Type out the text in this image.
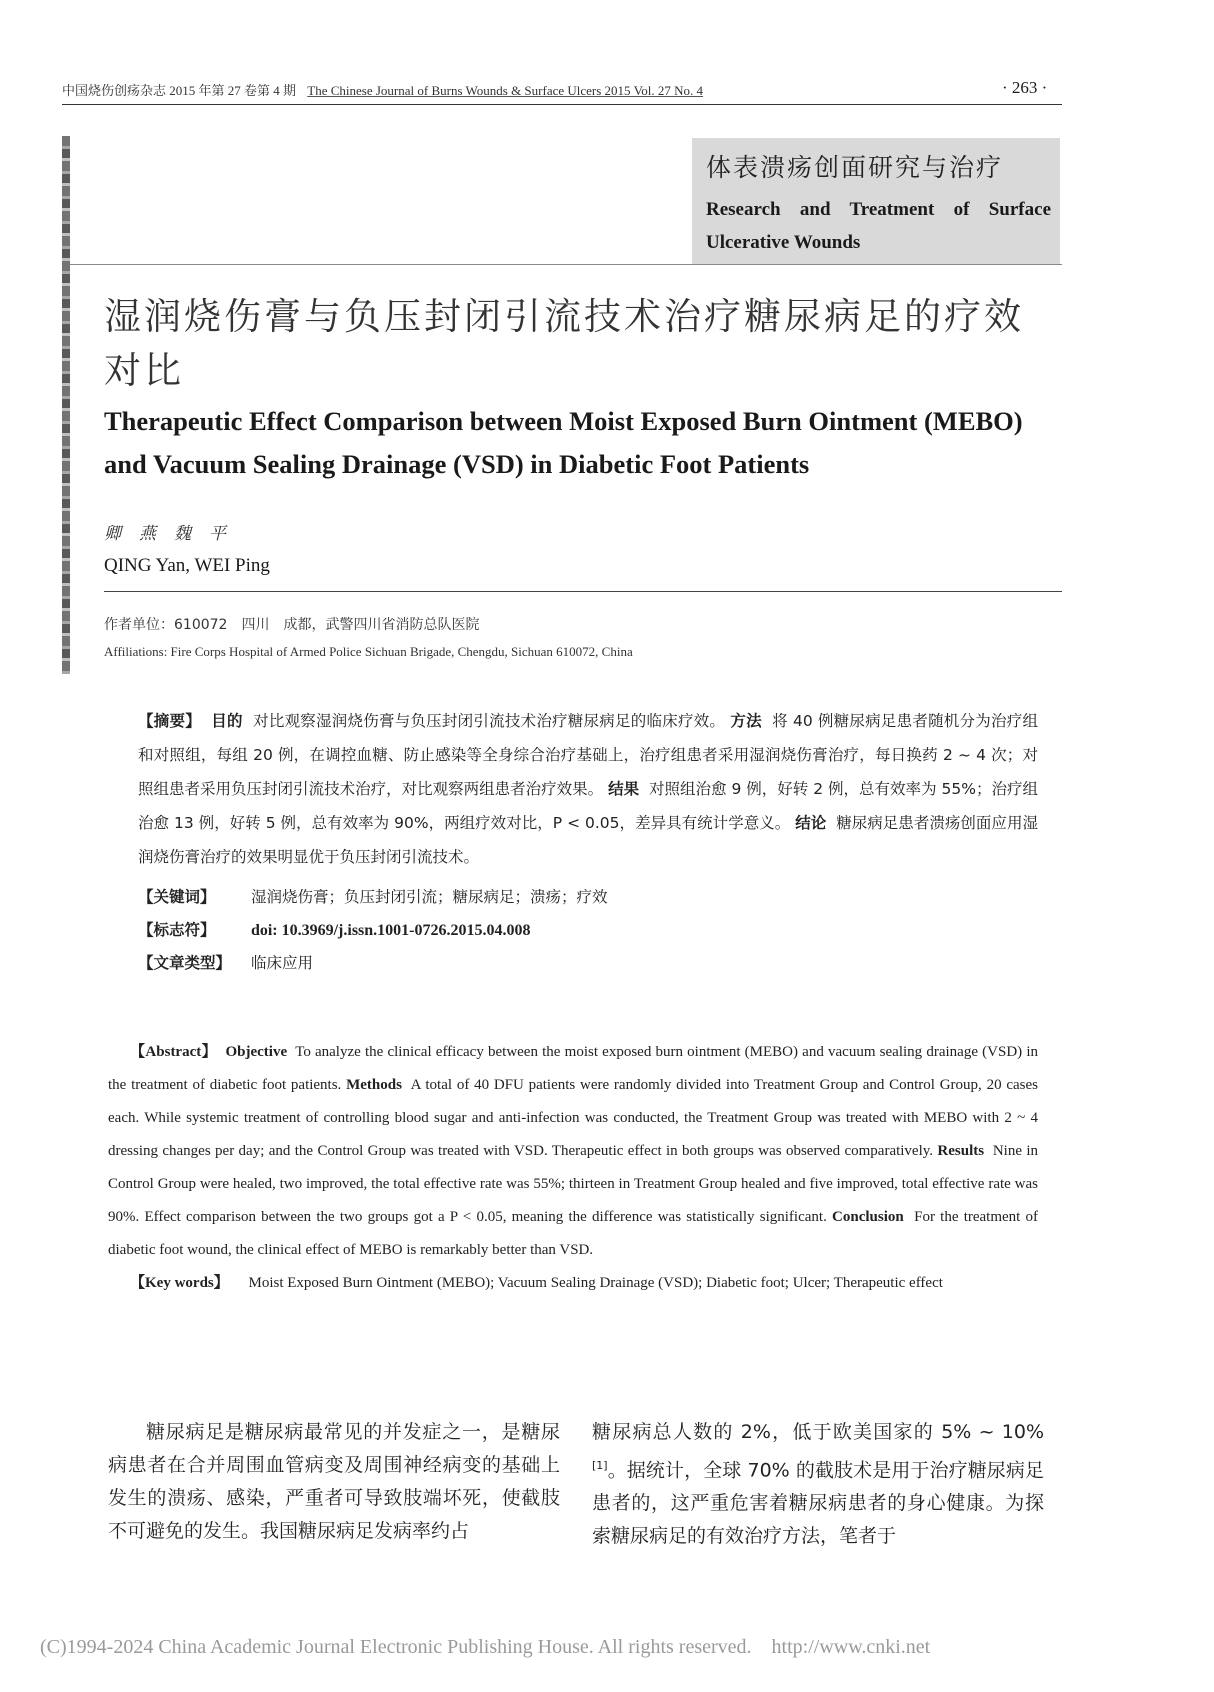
中国烧伤创疡杂志 2015 年第 27 卷第 4 期 The Chinese Journal of Burns Wounds & Surface Ulcers 2015 Vol. 27 No. 4	· 263 ·
体表溃疡创面研究与治疗
Research and Treatment of Surface Ulcerative Wounds
湿润烧伤膏与负压封闭引流技术治疗糖尿病足的疗效对比
Therapeutic Effect Comparison between Moist Exposed Burn Ointment (MEBO) and Vacuum Sealing Drainage (VSD) in Diabetic Foot Patients
卿燕魏平
QING Yan, WEI Ping
作者单位：610072　四川　成都，武警四川省消防总队医院
Affiliations: Fire Corps Hospital of Armed Police Sichuan Brigade, Chengdu, Sichuan 610072, China
【摘要】 目的 对比观察湿润烧伤膏与负压封闭引流技术治疗糖尿病足的临床疗效。 方法 将 40 例糖尿病足患者随机分为治疗组和对照组，每组 20 例，在调控血糖、防止感染等全身综合治疗基础上，治疗组患者采用湿润烧伤膏治疗，每日换药 2 ~ 4 次；对照组患者采用负压封闭引流技术治疗，对比观察两组患者治疗效果。 结果 对照组治愈 9 例，好转 2 例，总有效率为 55%；治疗组治愈 13 例，好转 5 例，总有效率为 90%，两组疗效对比，P < 0.05，差异具有统计学意义。 结论 糖尿病足患者溃疡创面应用湿润烧伤膏治疗的效果明显优于负压封闭引流技术。
【关键词】 湿润烧伤膏；负压封闭引流；糖尿病足；溃疡；疗效
【标志符】 doi: 10.3969/j.issn.1001-0726.2015.04.008
【文章类型】 临床应用
【Abstract】 Objective To analyze the clinical efficacy between the moist exposed burn ointment (MEBO) and vacuum sealing drainage (VSD) in the treatment of diabetic foot patients. Methods A total of 40 DFU patients were randomly divided into Treatment Group and Control Group, 20 cases each. While systemic treatment of controlling blood sugar and anti-infection was conducted, the Treatment Group was treated with MEBO with 2 ~ 4 dressing changes per day; and the Control Group was treated with VSD. Therapeutic effect in both groups was observed comparatively. Results Nine in Control Group were healed, two improved, the total effective rate was 55%; thirteen in Treatment Group healed and five improved, total effective rate was 90%. Effect comparison between the two groups got a P < 0.05, meaning the difference was statistically significant. Conclusion For the treatment of diabetic foot wound, the clinical effect of MEBO is remarkably better than VSD.
【Key words】 Moist Exposed Burn Ointment (MEBO); Vacuum Sealing Drainage (VSD); Diabetic foot; Ulcer; Therapeutic effect
糖尿病足是糖尿病最常见的并发症之一，是糖尿病患者在合并周围血管病变及周围神经病变的基础上发生的溃疡、感染，严重者可导致肢端坏死，使截肢不可避免的发生。我国糖尿病足发病率约占
糖尿病总人数的 2%，低于欧美国家的 5% ~ 10%[1]。据统计，全球 70% 的截肢术是用于治疗糖尿病足患者的，这严重危害着糖尿病患者的身心健康。为探索糖尿病足的有效治疗方法，笔者于
(C)1994-2024 China Academic Journal Electronic Publishing House. All rights reserved. http://www.cnki.net
